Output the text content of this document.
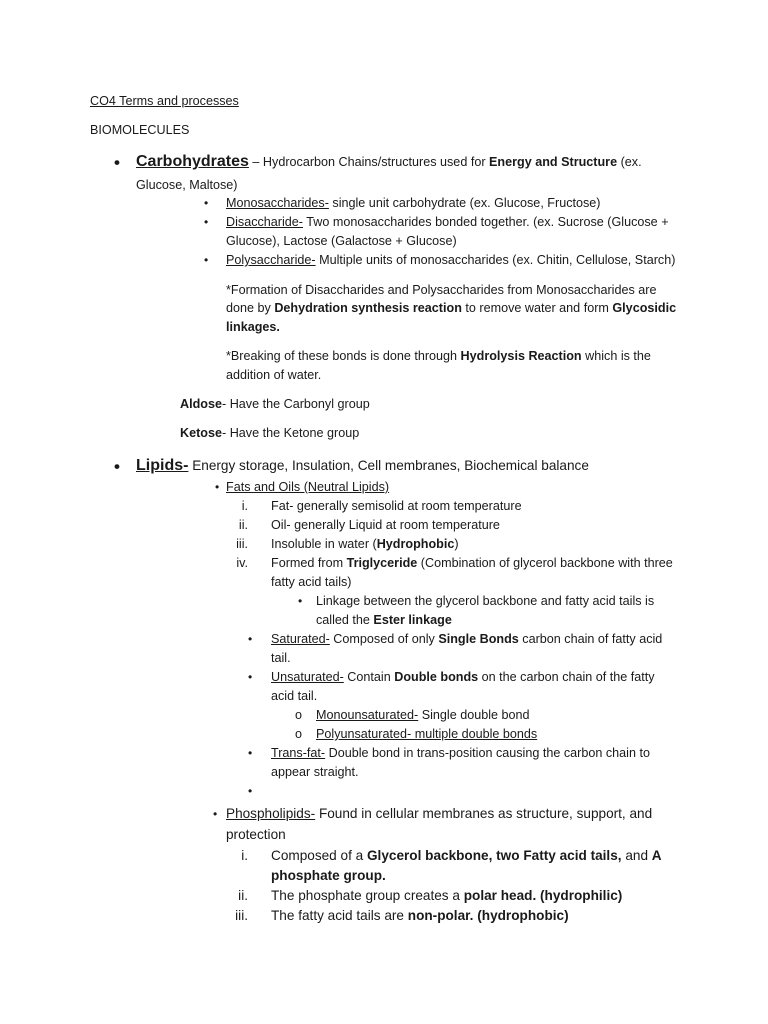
CO4 Terms and processes
BIOMOLECULES
• Carbohydrates – Hydrocarbon Chains/structures used for Energy and Structure (ex.
Glucose, Maltose)
• Monosaccharides- single unit carbohydrate (ex. Glucose, Fructose)
• Disaccharide- Two monosaccharides bonded together. (ex. Sucrose (Glucose +
Glucose), Lactose (Galactose + Glucose)
• Polysaccharide- Multiple units of monosaccharides (ex. Chitin, Cellulose, Starch)
*Formation of Disaccharides and Polysaccharides from Monosaccharides are
done by Dehydration synthesis reaction to remove water and form Glycosidic
linkages.
*Breaking of these bonds is done through Hydrolysis Reaction which is the
addition of water.
Aldose- Have the Carbonyl group
Ketose- Have the Ketone group
• Lipids- Energy storage, Insulation, Cell membranes, Biochemical balance
• Fats and Oils (Neutral Lipids)
i. Fat- generally semisolid at room temperature
ii. Oil- generally Liquid at room temperature
iii. Insoluble in water (Hydrophobic)
iv. Formed from Triglyceride (Combination of glycerol backbone with three
fatty acid tails)
• Linkage between the glycerol backbone and fatty acid tails is
called the Ester linkage
• Saturated- Composed of only Single Bonds carbon chain of fatty acid
tail.
• Unsaturated- Contain Double bonds on the carbon chain of the fatty
acid tail.
o Monounsaturated- Single double bond
o Polyunsaturated- multiple double bonds
• Trans-fat- Double bond in trans-position causing the carbon chain to
appear straight.
•
• Phospholipids- Found in cellular membranes as structure, support, and
protection
i. Composed of a Glycerol backbone, two Fatty acid tails, and A
phosphate group.
ii. The phosphate group creates a polar head. (hydrophilic)
iii. The fatty acid tails are non-polar. (hydrophobic)
